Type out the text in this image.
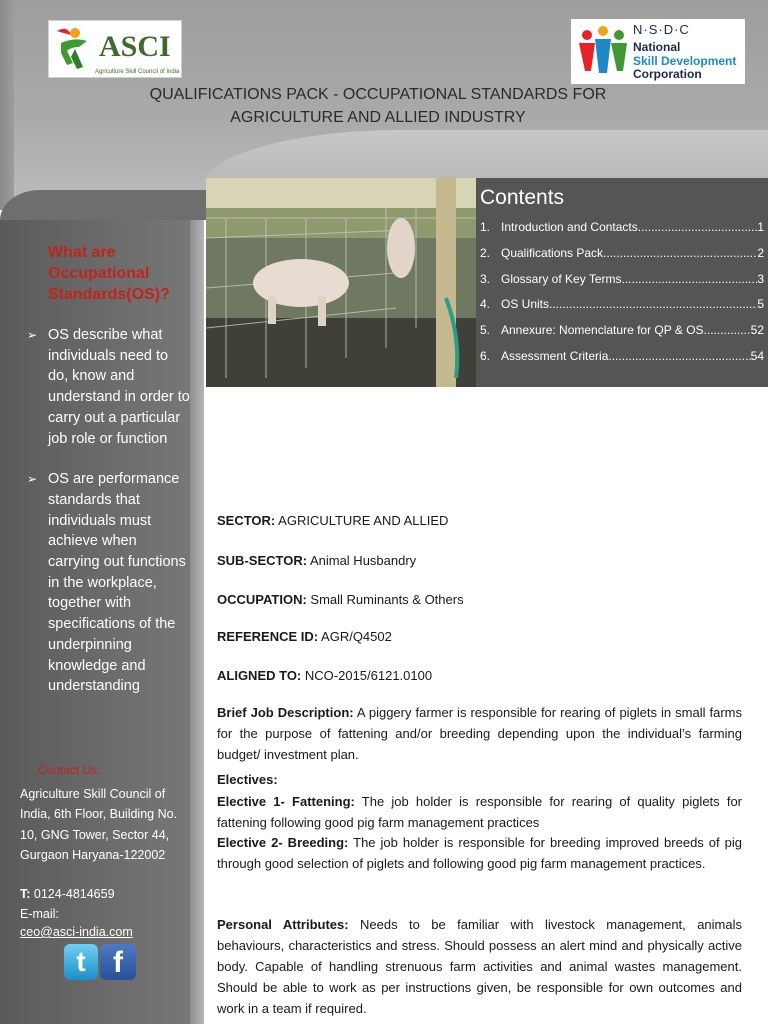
ASCI
Agriculture Skill Council of India
N·S·D·C
National
Skill Development
Corporation
QUALIFICATIONS PACK - OCCUPATIONAL STANDARDS FOR AGRICULTURE AND ALLIED INDUSTRY
What are Occupational Standards(OS)?
➢ OS describe what individuals need to do, know and understand in order to carry out a particular job role or function
➢ OS are performance standards that individuals must achieve when carrying out functions in the workplace, together with specifications of the underpinning knowledge and understanding
Contact Us:
Agriculture Skill Council of India, 6th Floor, Building No. 10, GNG Tower, Sector 44, Gurgaon Haryana-122002
T: 0124-4814659
E-mail:
ceo@asci-india.com
t f
Contents
1. Introduction and Contacts .....	1
2. Qualifications Pack .....	2
3. Glossary of Key Terms .....	3
4. OS Units .....	5
5. Annexure: Nomenclature for QP & OS .....	52
6. Assessment Criteria .....	54
SECTOR: AGRICULTURE AND ALLIED
SUB-SECTOR: Animal Husbandry
OCCUPATION: Small Ruminants & Others
REFERENCE ID: AGR/Q4502
ALIGNED TO: NCO-2015/6121.0100
Brief Job Description: A piggery farmer is responsible for rearing of piglets in small farms for the purpose of fattening and/or breeding depending upon the individual’s farming budget/ investment plan.
Electives:
Elective 1- Fattening: The job holder is responsible for rearing of quality piglets for fattening following good pig farm management practices
Elective 2- Breeding: The job holder is responsible for breeding improved breeds of pig through good selection of piglets and following good pig farm management practices.
Personal Attributes: Needs to be familiar with livestock management, animals behaviours, characteristics and stress. Should possess an alert mind and physically active body. Capable of handling strenuous farm activities and animal wastes management. Should be able to work as per instructions given, be responsible for own outcomes and work in a team if required.
